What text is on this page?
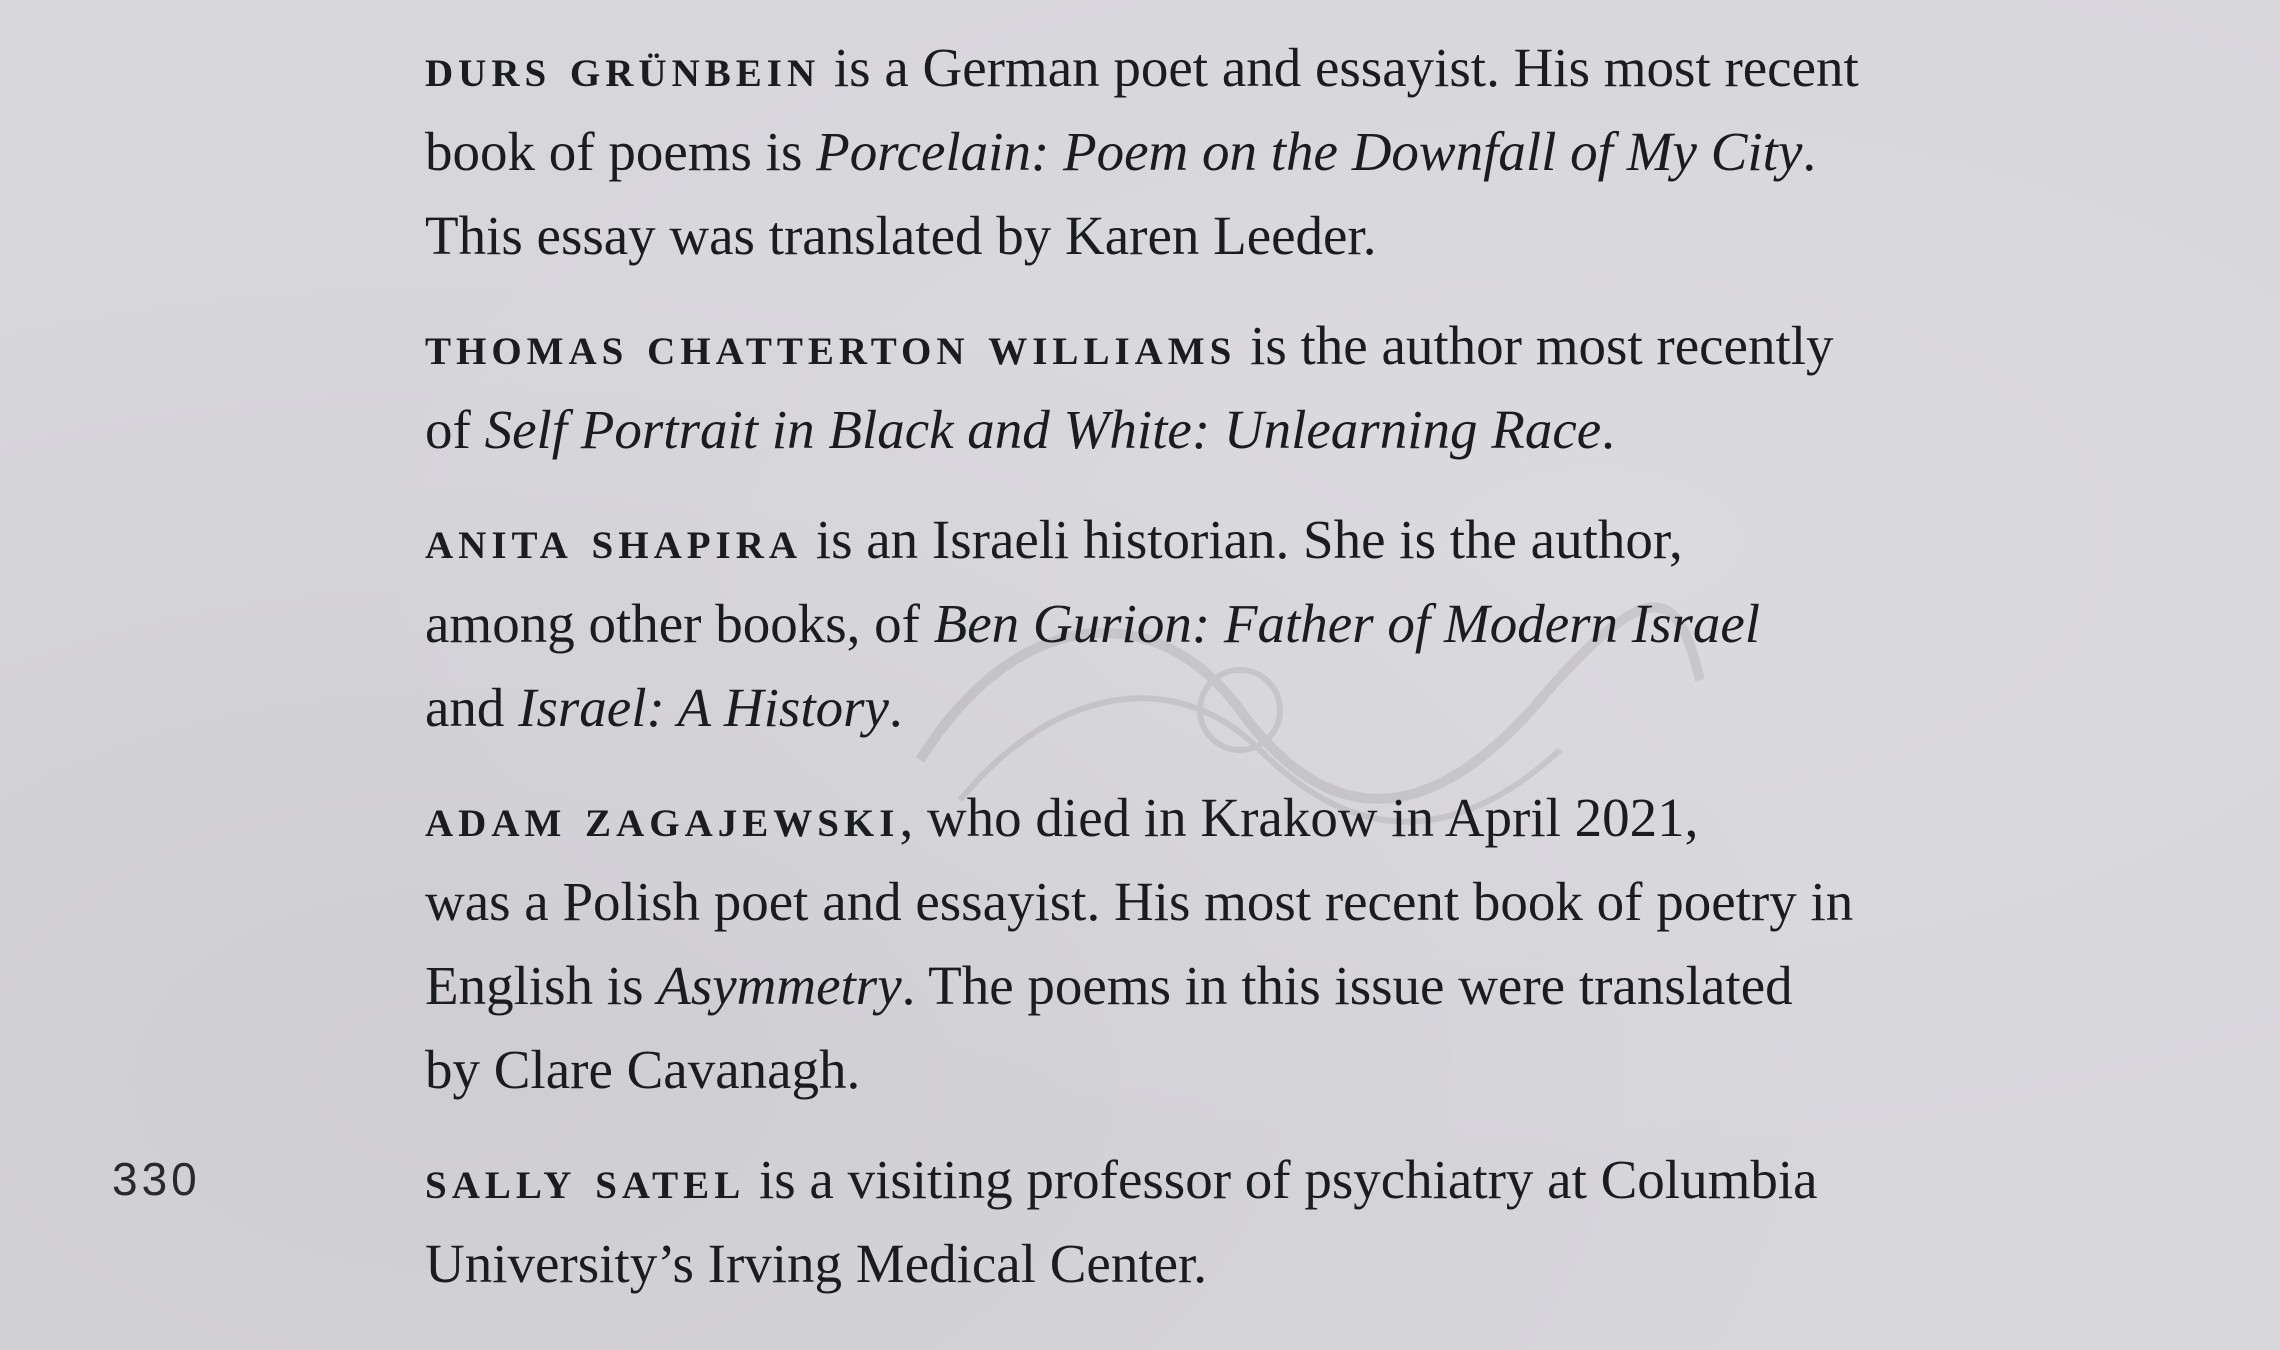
durs grünbein is a German poet and essayist. His most recent
book of poems is Porcelain: Poem on the Downfall of My City.
This essay was translated by Karen Leeder.

thomas chatterton williams is the author most recently
of Self Portrait in Black and White: Unlearning Race.

anita shapira is an Israeli historian. She is the author,
among other books, of Ben Gurion: Father of Modern Israel
and Israel: A History.

adam zagajewski, who died in Krakow in April 2021,
was a Polish poet and essayist. His most recent book of poetry in
English is Asymmetry. The poems in this issue were translated
by Clare Cavanagh.

sally satel is a visiting professor of psychiatry at Columbia
University’s Irving Medical Center.

330
